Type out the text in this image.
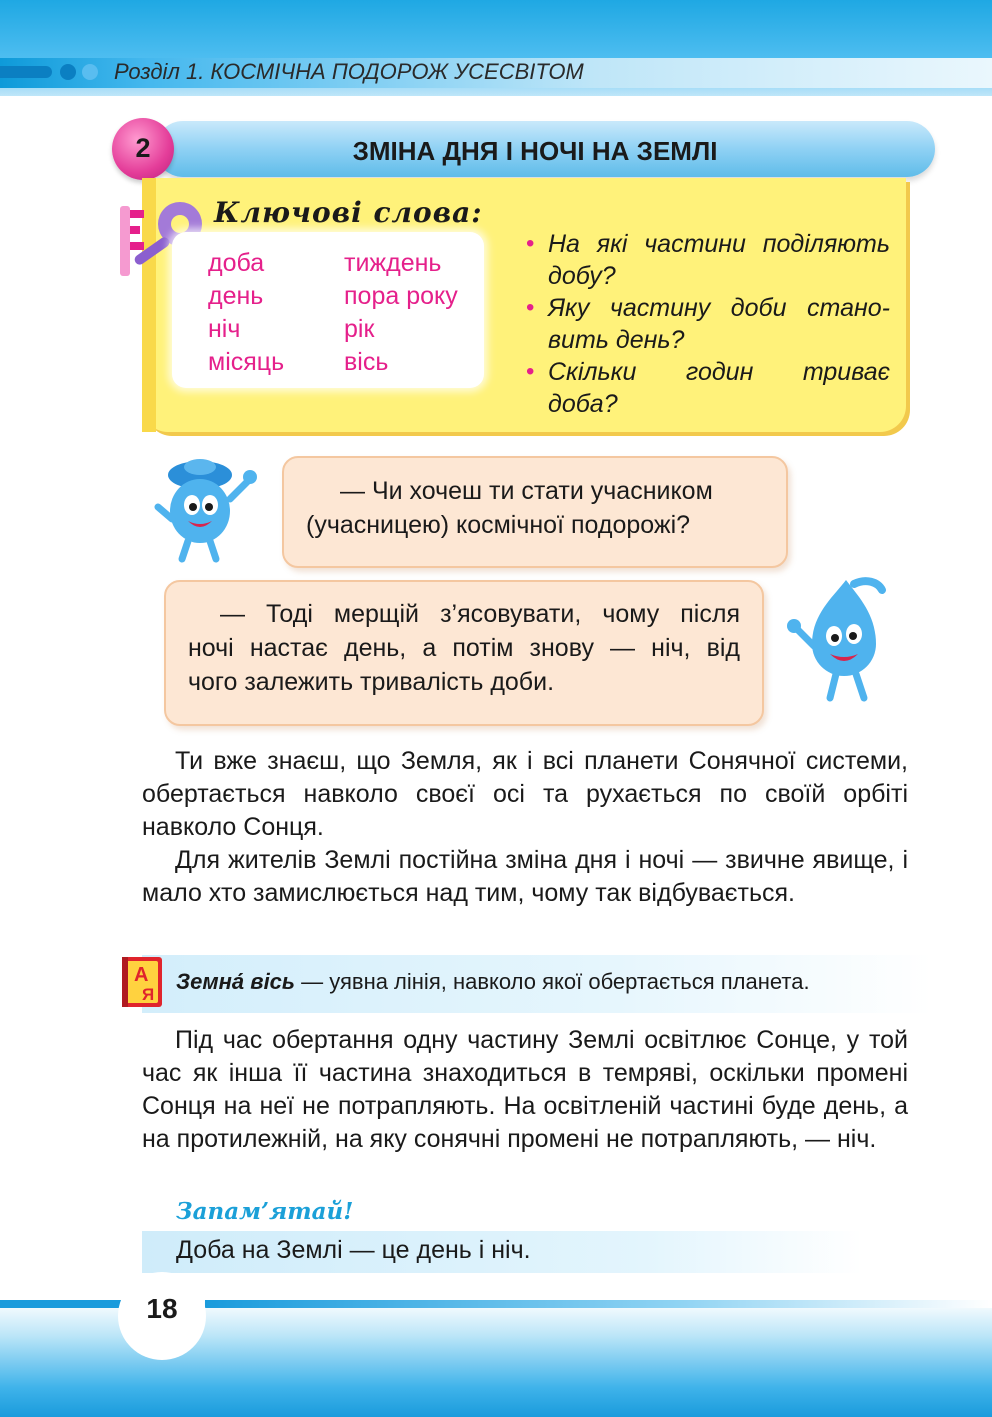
Розділ 1. КОСМІЧНА ПОДОРОЖ УСЕСВІТОМ
2	ЗМІНА ДНЯ І НОЧІ НА ЗЕМЛІ
Ключові слова:
доба
день
ніч
місяць
тиждень
пора року
рік
вісь
• На які частини поділяють
добу?
• Яку частину доби стано-
вить день?
• Скільки годин триває
доба?
— Чи хочеш ти стати учасником
(учасницею) космічної подорожі?
— Тоді мерщій з’ясовувати, чому після
ночі настає день, а потім знову — ніч, від
чого залежить тривалість доби.
Ти вже знаєш, що Земля, як і всі планети Сонячної системи, обертається навколо своєї осі та рухається по своїй орбіті навколо Сонця.
Для жителів Землі постійна зміна дня і ночі — звичне явище, і мало хто замислюється над тим, чому так відбувається.
А
Я
Земна́ вісь — уявна лінія, навколо якої обертається планета.
Під час обертання одну частину Землі освітлює Сонце, у той час як інша її частина знаходиться в темряві, оскільки промені Сонця на неї не потрапляють. На освітленій частині буде день, а на протилежній, на яку сонячні промені не потрапляють, — ніч.
Запам’ятай!
Доба на Землі — це день і ніч.
18
